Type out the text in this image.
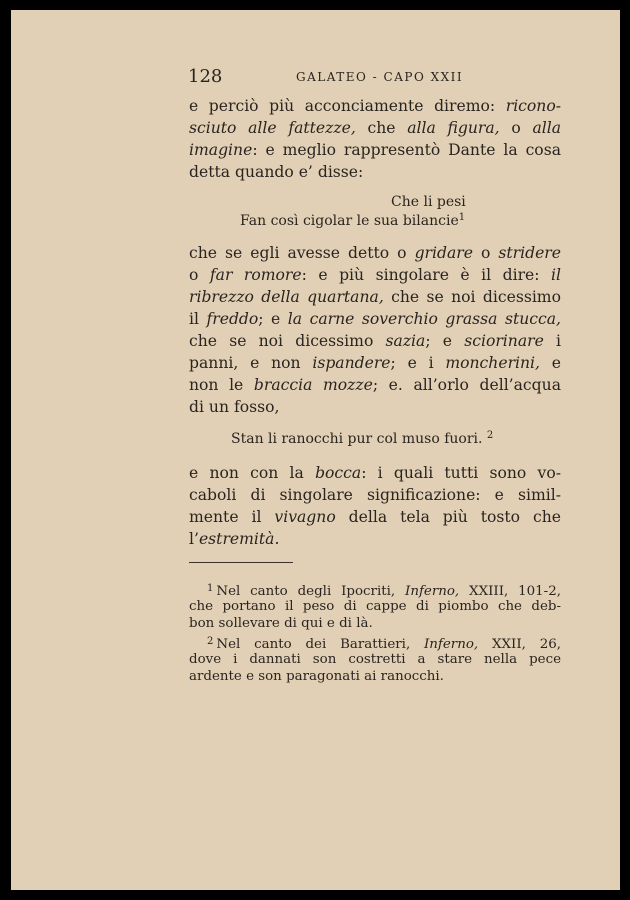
128	GALATEO - CAPO XXII
e perciò più acconciamente diremo: ricono-
sciuto alle fattezze, che alla figura, o alla
imagine: e meglio rappresentò Dante la cosa
detta quando e’ disse:
Che li pesi
Fan così cigolar le sua bilancie$^1$
che se egli avesse detto o gridare o stridere
o far romore: e più singolare è il dire: il
ribrezzo della quartana, che se noi dicessimo
il freddo; e la carne soverchio grassa stucca,
che se noi dicessimo sazia; e sciorinare i
panni, e non ispandere; e i moncherini, e
non le braccia mozze; e. all’orlo dell’acqua
di un fosso,
Stan li ranocchi pur col muso fuori. $^2$
e non con la bocca: i quali tutti sono vo-
caboli di singolare significazione: e simil-
mente il vivagno della tela più tosto che
l’estremità.
$^1$ Nel canto degli Ipocriti, Inferno, XXIII, 101-2,
che portano il peso di cappe di piombo che deb-
bon sollevare di qui e di là.
$^2$ Nel canto dei Barattieri, Inferno, XXII, 26,
dove i dannati son costretti a stare nella pece
ardente e son paragonati ai ranocchi.
